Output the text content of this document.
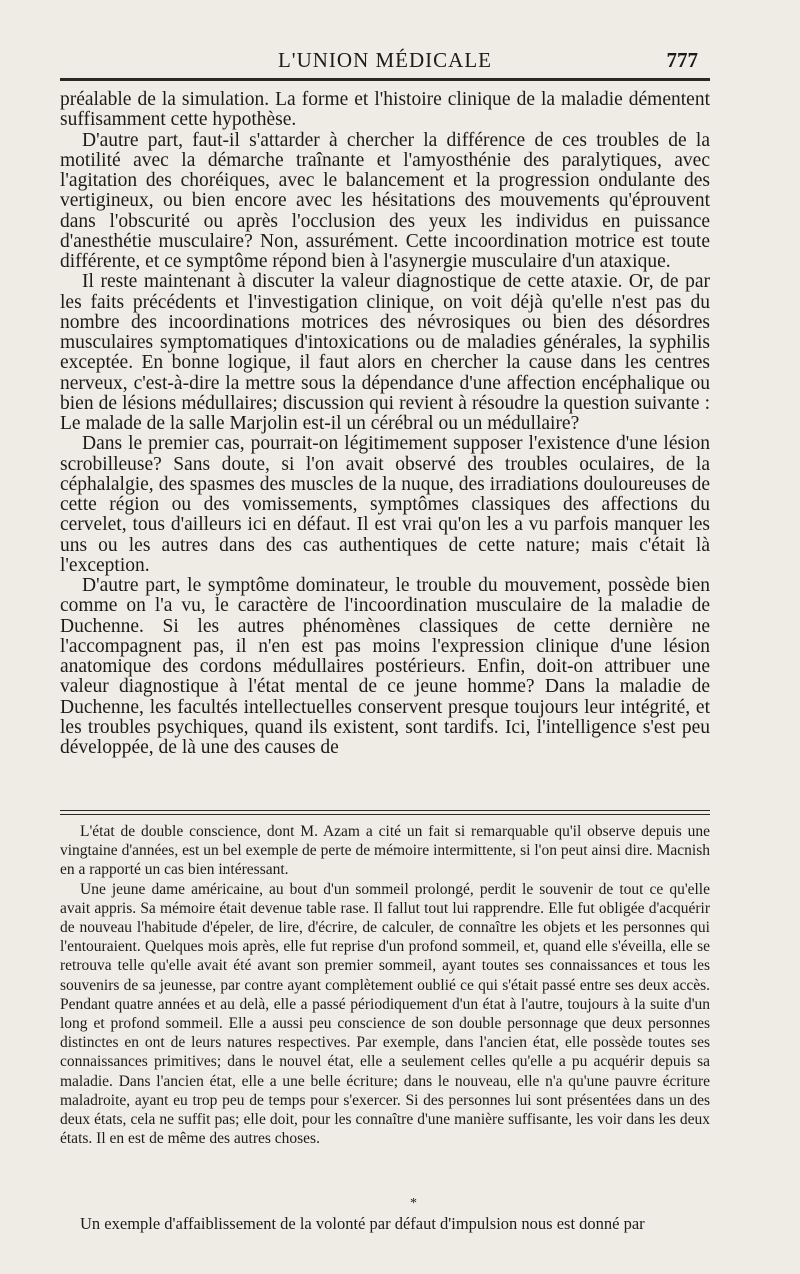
L'UNION MÉDICALE	777

préalable de la simulation. La forme et l'histoire clinique de la maladie démentent suffisamment cette hypothèse.

D'autre part, faut-il s'attarder à chercher la différence de ces troubles de la motilité avec la démarche traînante et l'amyosthénie des paralytiques, avec l'agitation des choréiques, avec le balancement et la progression ondulante des vertigineux, ou bien encore avec les hésitations des mouvements qu'éprouvent dans l'obscurité ou après l'occlusion des yeux les individus en puissance d'anesthétie musculaire? Non, assurément. Cette incoordination motrice est toute différente, et ce symptôme répond bien à l'asynergie musculaire d'un ataxique.

Il reste maintenant à discuter la valeur diagnostique de cette ataxie. Or, de par les faits précédents et l'investigation clinique, on voit déjà qu'elle n'est pas du nombre des incoordinations motrices des névrosiques ou bien des désordres musculaires symptomatiques d'intoxications ou de maladies générales, la syphilis exceptée. En bonne logique, il faut alors en chercher la cause dans les centres nerveux, c'est-à-dire la mettre sous la dépendance d'une affection encéphalique ou bien de lésions médullaires; discussion qui revient à résoudre la question suivante : Le malade de la salle Marjolin est-il un cérébral ou un médullaire?

Dans le premier cas, pourrait-on légitimement supposer l'existence d'une lésion scrobilleuse? Sans doute, si l'on avait observé des troubles oculaires, de la céphalalgie, des spasmes des muscles de la nuque, des irradiations douloureuses de cette région ou des vomissements, symptômes classiques des affections du cervelet, tous d'ailleurs ici en défaut. Il est vrai qu'on les a vu parfois manquer les uns ou les autres dans des cas authentiques de cette nature; mais c'était là l'exception.

D'autre part, le symptôme dominateur, le trouble du mouvement, possède bien comme on l'a vu, le caractère de l'incoordination musculaire de la maladie de Duchenne. Si les autres phénomènes classiques de cette dernière ne l'accompagnent pas, il n'en est pas moins l'expression clinique d'une lésion anatomique des cordons médullaires postérieurs. Enfin, doit-on attribuer une valeur diagnostique à l'état mental de ce jeune homme? Dans la maladie de Duchenne, les facultés intellectuelles conservent presque toujours leur intégrité, et les troubles psychiques, quand ils existent, sont tardifs. Ici, l'intelligence s'est peu développée, de là une des causes de

L'état de double conscience, dont M. Azam a cité un fait si remarquable qu'il observe depuis une vingtaine d'années, est un bel exemple de perte de mémoire intermittente, si l'on peut ainsi dire. Macnish en a rapporté un cas bien intéressant.

Une jeune dame américaine, au bout d'un sommeil prolongé, perdit le souvenir de tout ce qu'elle avait appris. Sa mémoire était devenue table rase. Il fallut tout lui rapprendre. Elle fut obligée d'acquérir de nouveau l'habitude d'épeler, de lire, d'écrire, de calculer, de connaître les objets et les personnes qui l'entouraient. Quelques mois après, elle fut reprise d'un profond sommeil, et, quand elle s'éveilla, elle se retrouva telle qu'elle avait été avant son premier sommeil, ayant toutes ses connaissances et tous les souvenirs de sa jeunesse, par contre ayant complètement oublié ce qui s'était passé entre ses deux accès. Pendant quatre années et au delà, elle a passé périodiquement d'un état à l'autre, toujours à la suite d'un long et profond sommeil. Elle a aussi peu conscience de son double personnage que deux personnes distinctes en ont de leurs natures respectives. Par exemple, dans l'ancien état, elle possède toutes ses connaissances primitives; dans le nouvel état, elle a seulement celles qu'elle a pu acquérir depuis sa maladie. Dans l'ancien état, elle a une belle écriture; dans le nouveau, elle n'a qu'une pauvre écriture maladroite, ayant eu trop peu de temps pour s'exercer. Si des personnes lui sont présentées dans un des deux états, cela ne suffit pas; elle doit, pour les connaître d'une manière suffisante, les voir dans les deux états. Il en est de même des autres choses.

*
Un exemple d'affaiblissement de la volonté par défaut d'impulsion nous est donné par
